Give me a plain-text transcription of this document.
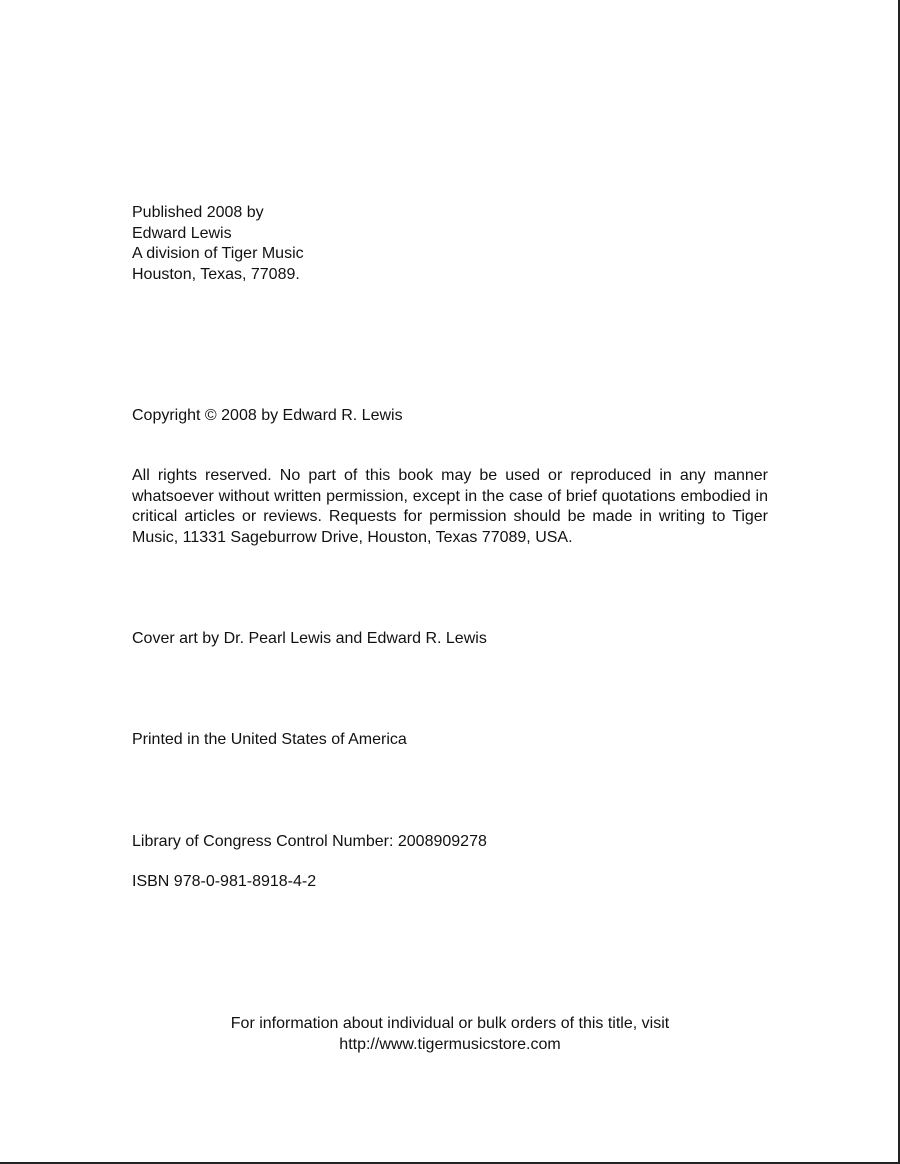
Published 2008 by
Edward Lewis
A division of Tiger Music
Houston, Texas, 77089.
Copyright © 2008 by Edward R. Lewis

All rights reserved. No part of this book may be used or reproduced in any manner whatsoever without written permission, except in the case of brief quotations embodied in critical articles or reviews. Requests for permission should be made in writing to Tiger Music, 11331 Sageburrow Drive, Houston, Texas 77089, USA.

Cover art by Dr. Pearl Lewis and Edward R. Lewis
Printed in the United States of America
Library of Congress Control Number: 2008909278
ISBN 978-0-981-8918-4-2
For information about individual or bulk orders of this title, visit
http://www.tigermusicstore.com
